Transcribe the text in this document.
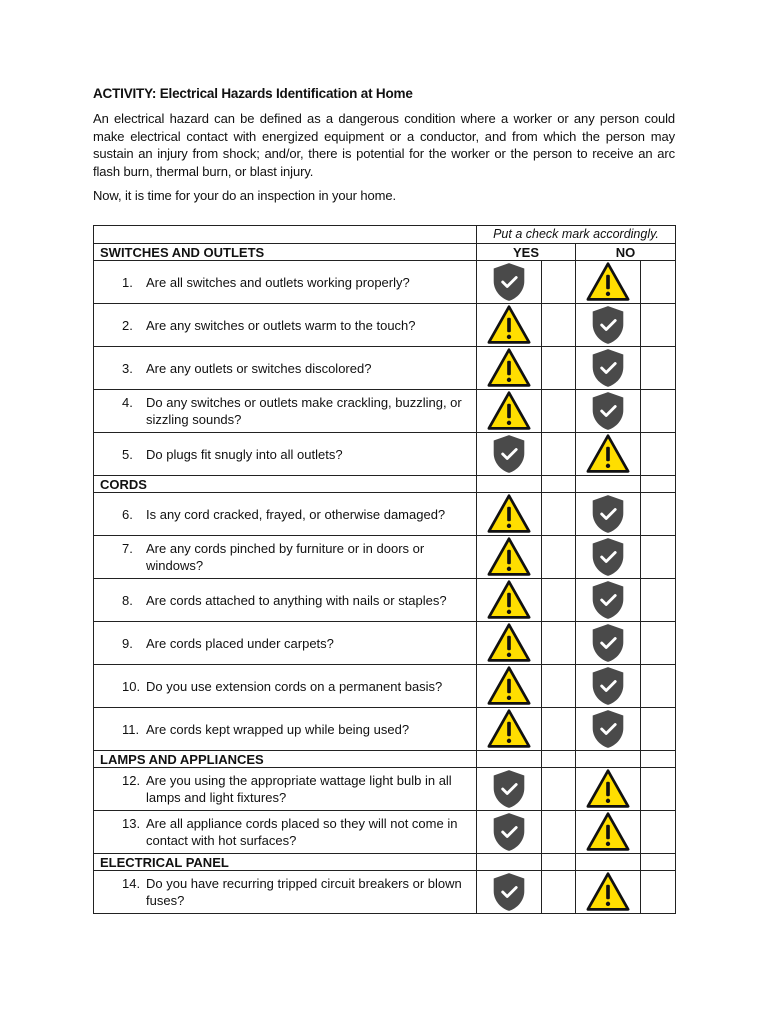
ACTIVITY: Electrical Hazards Identification at Home
An electrical hazard can be defined as a dangerous condition where a worker or any person could make electrical contact with energized equipment or a conductor, and from which the person may sustain an injury from shock; and/or, there is potential for the worker or the person to receive an arc flash burn, thermal burn, or blast injury.
Now, it is time for your do an inspection in your home.
	Put a check mark accordingly.			
SWITCHES AND OUTLETS	YES		NO	

1. Are all switches and outlets working properly?

2. Are any switches or outlets warm to the touch?

3. Are any outlets or switches discolored?

4. Do any switches or outlets make crackling, buzzling, or sizzling sounds?

5. Do plugs fit snugly into all outlets?

CORDS				

6. Is any cord cracked, frayed, or otherwise damaged?

7. Are any cords pinched by furniture or in doors or windows?

8. Are cords attached to anything with nails or staples?

9. Are cords placed under carpets?

10. Do you use extension cords on a permanent basis?

11. Are cords kept wrapped up while being used?

LAMPS AND APPLIANCES				

12. Are you using the appropriate wattage light bulb in all lamps and light fixtures?

13. Are all appliance cords placed so they will not come in contact with hot surfaces?

ELECTRICAL PANEL				

14. Do you have recurring tripped circuit breakers or blown fuses?
